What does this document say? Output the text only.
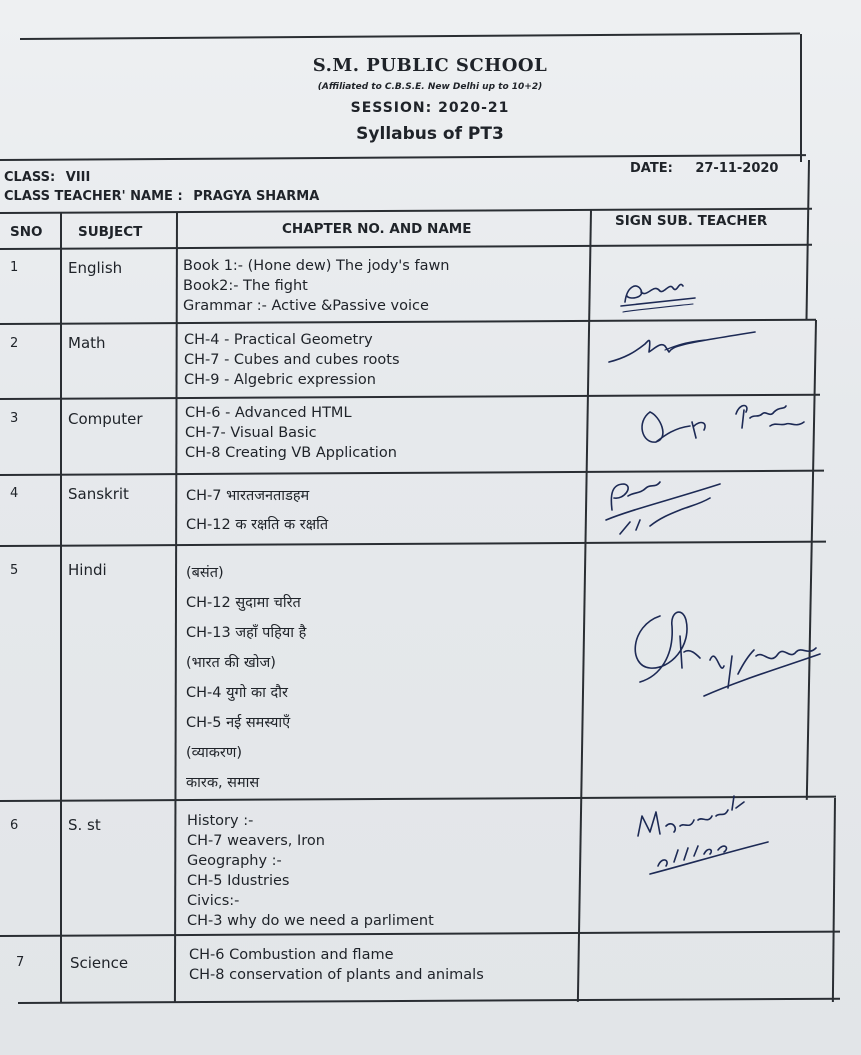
S.M. PUBLIC SCHOOL
(Affiliated to C.B.S.E. New Delhi up to 10+2)
SESSION: 2020-21
Syllabus of PT3
CLASS: VIII
CLASS TEACHER' NAME : PRAGYA SHARMA
DATE: 27-11-2020
SNO	SUBJECT	CHAPTER NO. AND NAME	SIGN SUB. TEACHER
1	English	Book 1:- (Hone dew) The jody's fawn
Book2:- The fight
Grammar :- Active &Passive voice
2	Math	CH-4 - Practical Geometry
CH-7 - Cubes and cubes roots
CH-9 - Algebric expression
3	Computer	CH-6 - Advanced HTML
CH-7- Visual Basic
CH-8 Creating VB Application
4	Sanskrit	CH-7 भारतजनताडहम
CH-12 क रक्षति क रक्षति
5	Hindi	(बसंत)
CH-12 सुदामा चरित
CH-13 जहाँ पहिया है
(भारत की खोज)
CH-4 युगो का दौर
CH-5 नई समस्याएँ
(व्याकरण)
कारक, समास
6	S. st	History :-
CH-7 weavers, Iron
Geography :-
CH-5 Idustries
Civics:-
CH-3 why do we need a parliment
7	Science	CH-6 Combustion and flame
CH-8 conservation of plants and animals
